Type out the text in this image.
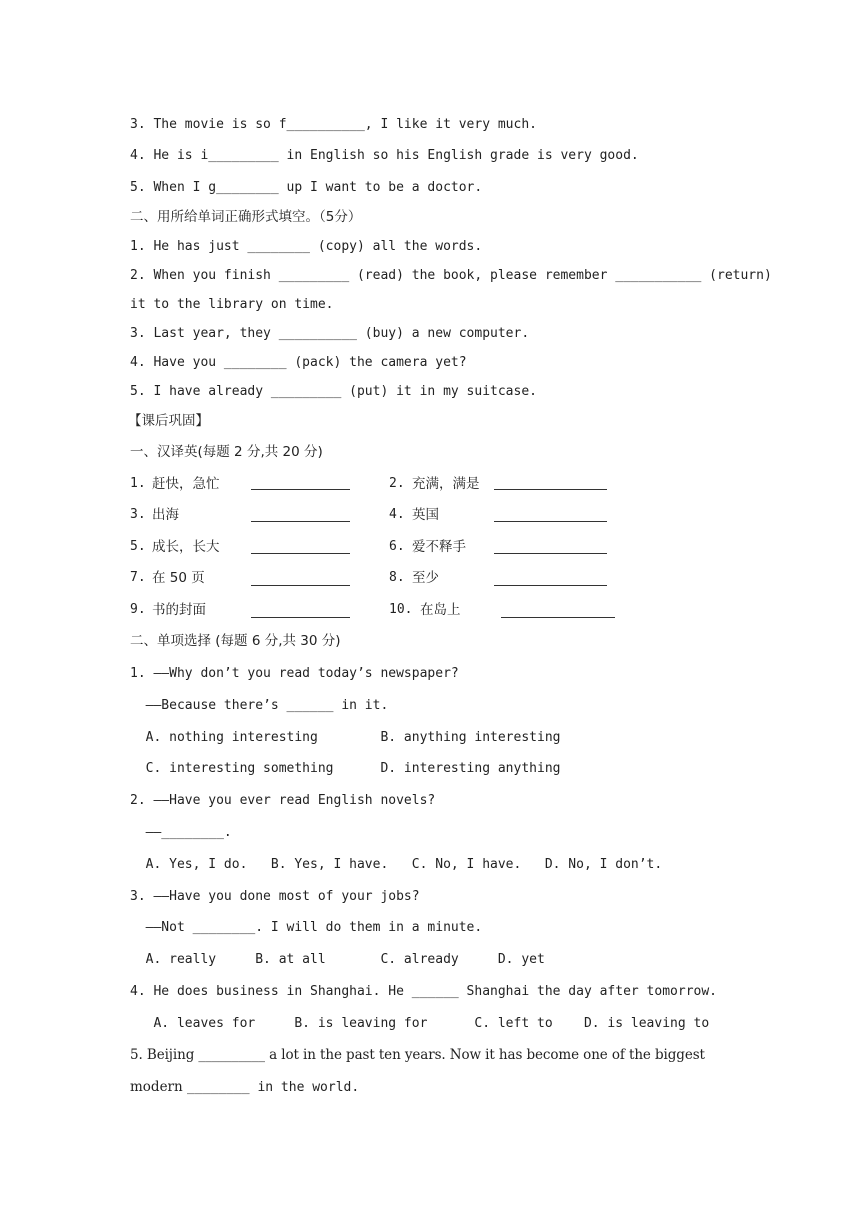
3. The movie is so f__________, I like it very much.
4. He is i_________ in English so his English grade is very good.
5. When I g________ up I want to be a doctor.
二、用所给单词正确形式填空。（5分）
1. He has just ________ (copy) all the words.
2. When you finish _________ (read) the book, please remember ___________ (return)
it to the library on time.
3. Last year, they __________ (buy) a new computer.
4. Have you ________ (pack) the camera yet?
5. I have already _________ (put) it in my suitcase.
【课后巩固】
一、汉译英(每题 2 分,共 20 分)
1. 赶快，急忙	2. 充满，满是
3. 出海	4. 英国
5. 成长，长大	6. 爱不释手
7. 在 50 页	8. 至少
9. 书的封面	10. 在岛上
二、单项选择 (每题 6 分,共 30 分)
1. ——Why don’t you read today’s newspaper?
——Because there’s ______ in it.
A. nothing interesting        B. anything interesting
C. interesting something      D. interesting anything
2. ——Have you ever read English novels?
——________.
A. Yes, I do.   B. Yes, I have.   C. No, I have.   D. No, I don’t.
3. ——Have you done most of your jobs?
——Not ________. I will do them in a minute.
A. really     B. at all       C. already     D. yet
4. He does business in Shanghai. He ______ Shanghai the day after tomorrow.
A. leaves for     B. is leaving for      C. left to    D. is leaving to
5. Beijing __________ a lot in the past ten years. Now it has become one of the biggest
modern ________ in the world.
